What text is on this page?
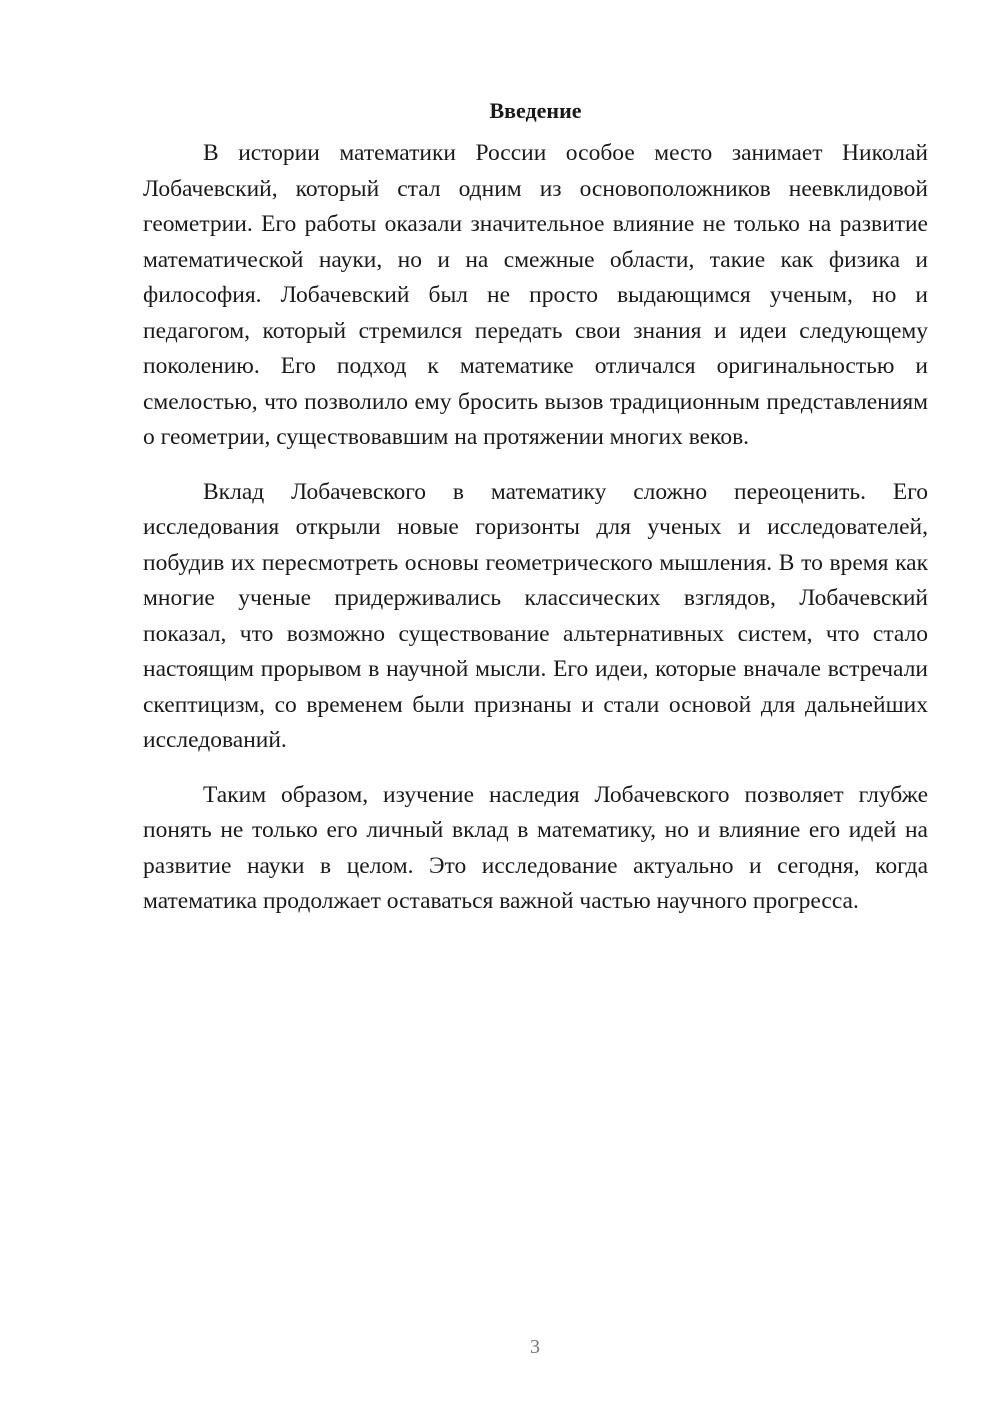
Введение

В истории математики России особое место занимает Николай Лобачевский, который стал одним из основоположников неевклидовой геометрии. Его работы оказали значительное влияние не только на развитие математической науки, но и на смежные области, такие как физика и философия. Лобачевский был не просто выдающимся ученым, но и педагогом, который стремился передать свои знания и идеи следующему поколению. Его подход к математике отличался оригинальностью и смелостью, что позволило ему бросить вызов традиционным представлениям о геометрии, существовавшим на протяжении многих веков.

Вклад Лобачевского в математику сложно переоценить. Его исследования открыли новые горизонты для ученых и исследователей, побудив их пересмотреть основы геометрического мышления. В то время как многие ученые придерживались классических взглядов, Лобачевский показал, что возможно существование альтернативных систем, что стало настоящим прорывом в научной мысли. Его идеи, которые вначале встречали скептицизм, со временем были признаны и стали основой для дальнейших исследований.

Таким образом, изучение наследия Лобачевского позволяет глубже понять не только его личный вклад в математику, но и влияние его идей на развитие науки в целом. Это исследование актуально и сегодня, когда математика продолжает оставаться важной частью научного прогресса.

3
